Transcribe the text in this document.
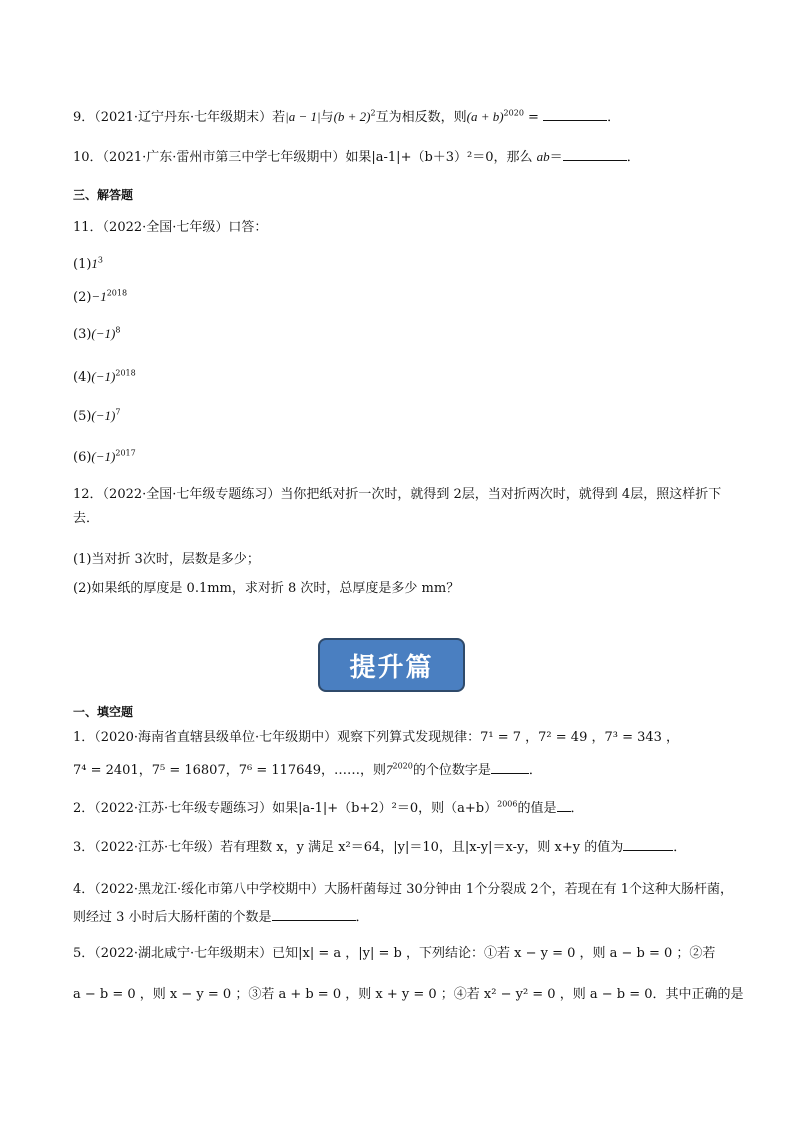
9．（2021·辽宁丹东·七年级期末）若|a − 1|与$(b + 2)^2$互为相反数，则$(a + b)^{2020}$ =	．
10．（2021·广东·雷州市第三中学七年级期中）如果|a-1|+（b＋3）²＝0，那么 ab＝	．
三、解答题
11．（2022·全国·七年级）口答：
$(1)1^3$
$(2)-1^{2018}$
$(3)(-1)^8$
$(4)(-1)^{2018}$
$(5)(-1)^7$
$(6)(-1)^{2017}$
12．（2022·全国·七年级专题练习）当你把纸对折一次时，就得到 2层，当对折两次时，就得到 4层，照这样折下去．
(1)当对折 3次时，层数是多少；
(2)如果纸的厚度是 0.1mm，求对折 8 次时，总厚度是多少 mm？
提升篇
一、填空题
1．（2020·海南省直辖县级单位·七年级期中）观察下列算式发现规律：7¹ = 7 ，7² = 49 ，7³ = 343 ，
7⁴ = 2401，7⁵ = 16807，7⁶ = 117649，……，则$7^{2020}$的个位数字是	．
2．（2022·江苏·七年级专题练习）如果|a-1|+（b+2）²＝0，则$(a+b)^{2006}$的值是 ．
3．（2022·江苏·七年级）若有理数 x，y 满足 x²＝64，|y|＝10，且|x-y|＝x-y，则 x+y 的值为	．
4．（2022·黑龙江·绥化市第八中学校期中）大肠杆菌每过 30分钟由 1个分裂成 2个，若现在有 1个这种大肠杆菌，则经过 3 小时后大肠杆菌的个数是	．
5．（2022·湖北咸宁·七年级期末）已知|x| = a ，|y| = b ，下列结论：①若 x − y = 0 ，则 a − b = 0 ；②若
a − b = 0 ，则 x − y = 0 ；③若 a + b = 0 ，则 x + y = 0 ；④若 x² − y² = 0 ，则 a − b = 0．其中正确的是
